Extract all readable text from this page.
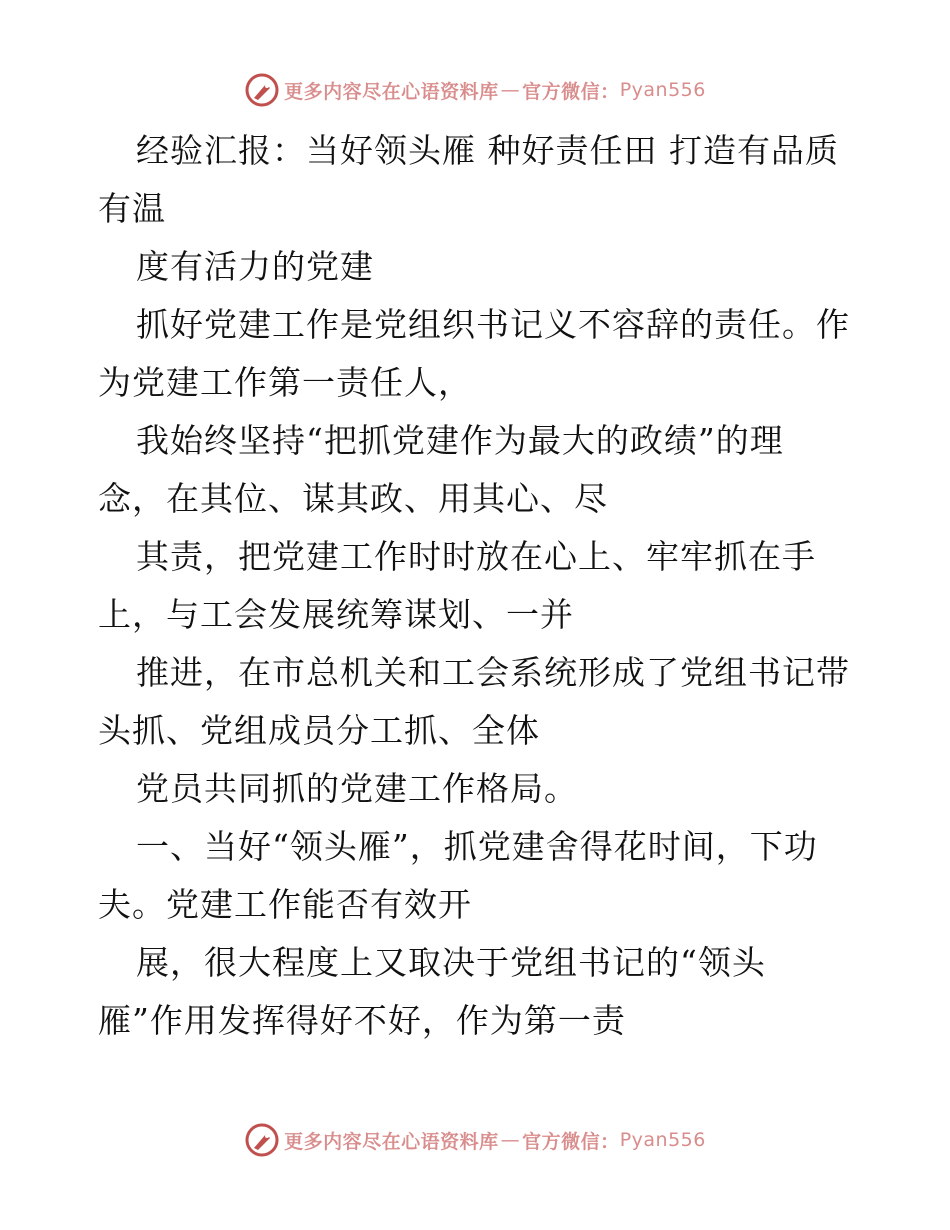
更多内容尽在心语资料库 — 官方微信： Pyan556
经验汇报：当好领头雁 种好责任田 打造有品质
有温
度有活力的党建
抓好党建工作是党组织书记义不容辞的责任。作
为党建工作第一责任人，
我始终坚持“把抓党建作为最大的政绩”的理
念，在其位、谋其政、用其心、尽
其责，把党建工作时时放在心上、牢牢抓在手
上，与工会发展统筹谋划、一并
推进，在市总机关和工会系统形成了党组书记带
头抓、党组成员分工抓、全体
党员共同抓的党建工作格局。
一、当好“领头雁”，抓党建舍得花时间，下功
夫。党建工作能否有效开
展，很大程度上又取决于党组书记的“领头
雁”作用发挥得好不好，作为第一责
更多内容尽在心语资料库 — 官方微信： Pyan556
